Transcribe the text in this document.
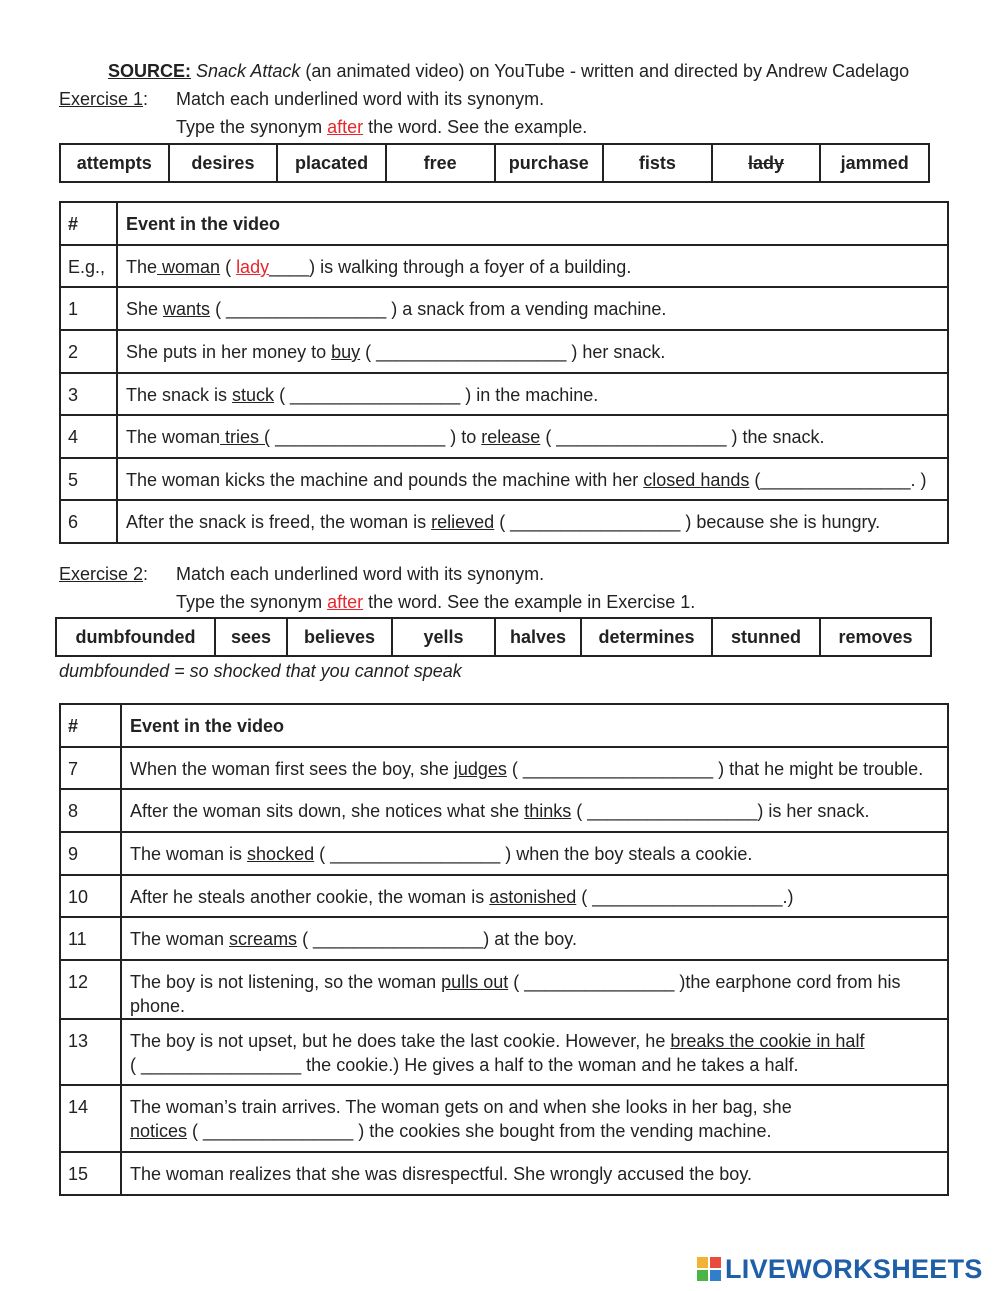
SOURCE: Snack Attack (an animated video) on YouTube - written and directed by Andrew Cadelago
Exercise 1: Match each underlined word with its synonym.
Type the synonym after the word. See the example.
attempts	desires	placated	free	purchase	fists	lady	jammed
#	Event in the video

E.g.,	The woman ( lady____) is walking through a foyer of a building.

1	She wants ( ________________ ) a snack from a vending machine.

2	She puts in her money to buy ( ___________________ ) her snack.

3	The snack is stuck ( _________________ ) in the machine.

4	The woman tries ( _________________ ) to release ( _________________ ) the snack.

5	The woman kicks the machine and pounds the machine with her closed hands (_______________. )

6	After the snack is freed, the woman is relieved ( _________________ ) because she is hungry.
Exercise 2: Match each underlined word with its synonym.
Type the synonym after the word. See the example in Exercise 1.
dumbfounded	sees	believes	yells	halves	determines	stunned	removes
dumbfounded = so shocked that you cannot speak
#	Event in the video

7	When the woman first sees the boy, she judges ( ___________________ ) that he might be trouble.

8	After the woman sits down, she notices what she thinks ( _________________) is her snack.

9	The woman is shocked ( _________________ ) when the boy steals a cookie.

10	After he steals another cookie, the woman is astonished ( ___________________.)

11	The woman screams ( _________________) at the boy.

12	The boy is not listening, so the woman pulls out ( _______________ )the earphone cord from his phone.

13	The boy is not upset, but he does take the last cookie. However, he breaks the cookie in half
( ________________ the cookie.) He gives a half to the woman and he takes a half.

14	The woman’s train arrives. The woman gets on and when she looks in her bag, she
notices ( _______________ ) the cookies she bought from the vending machine.

15	The woman realizes that she was disrespectful. She wrongly accused the boy.
LIVEWORKSHEETS
